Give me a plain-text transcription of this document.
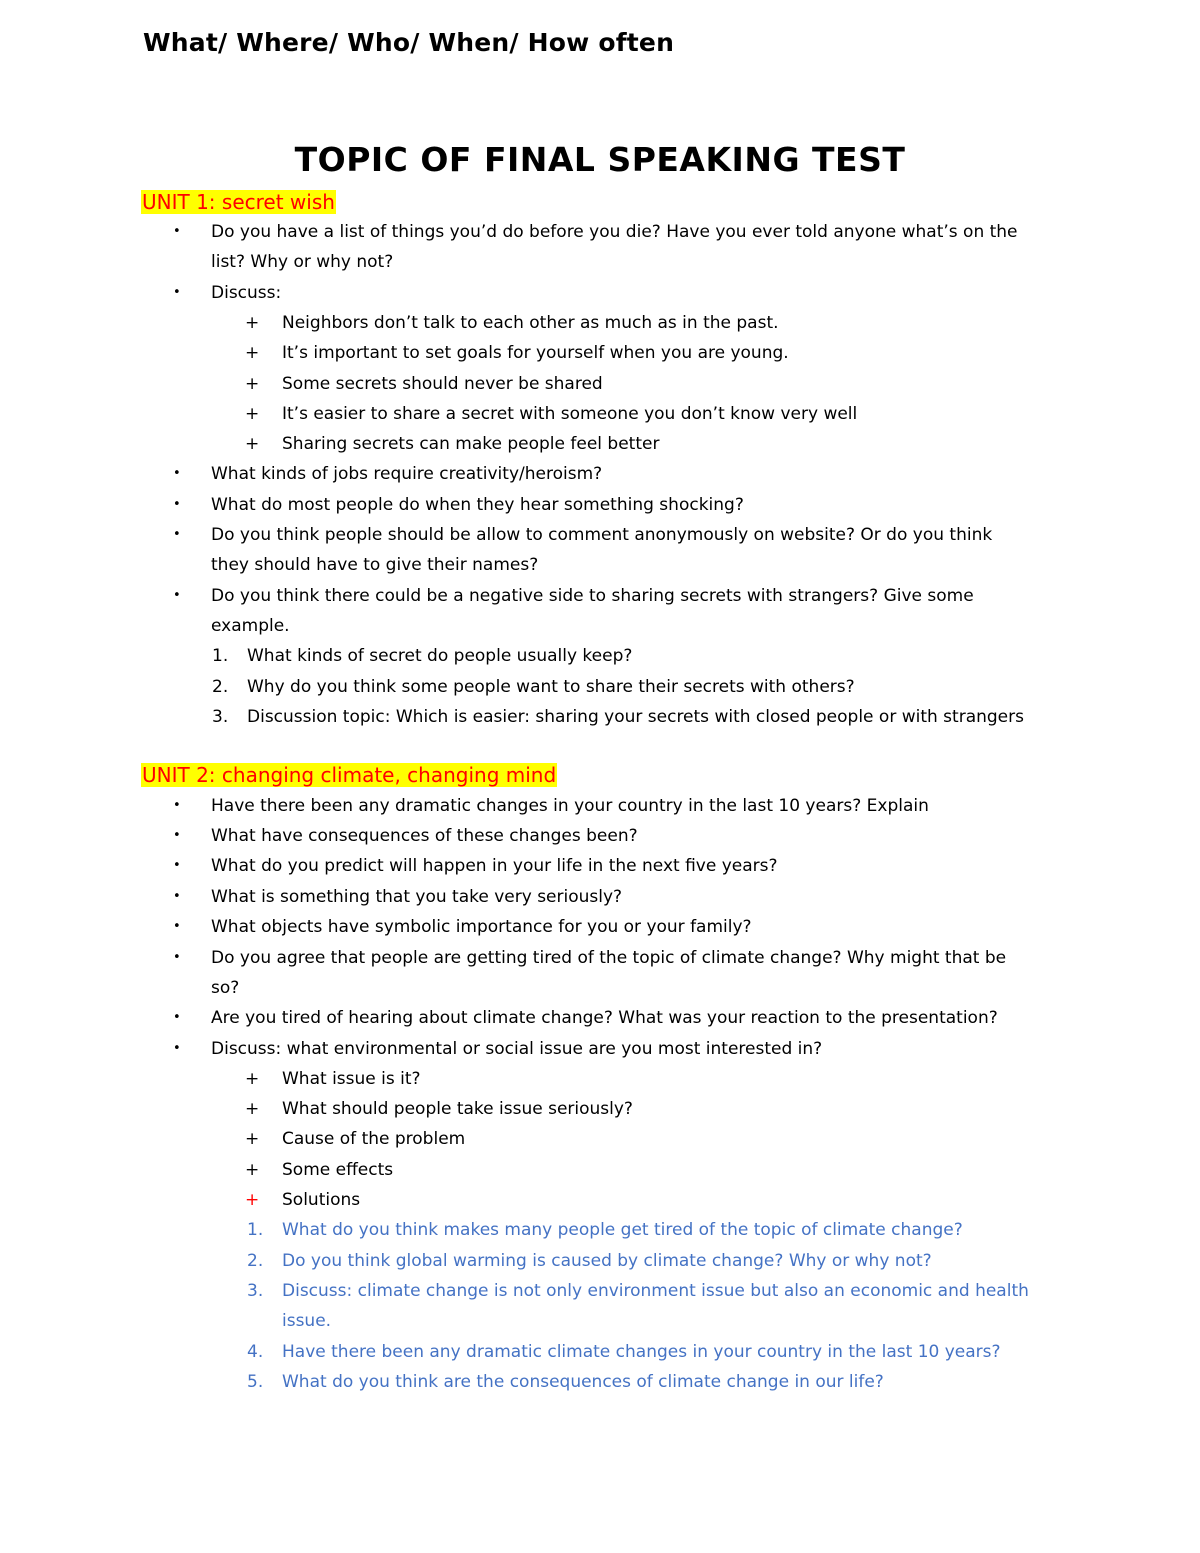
What/ Where/ Who/ When/ How often
TOPIC OF FINAL SPEAKING TEST
UNIT 1: secret wish
• Do you have a list of things you’d do before you die? Have you ever told anyone what’s on the
list? Why or why not?
• Discuss:
+ Neighbors don’t talk to each other as much as in the past.
+ It’s important to set goals for yourself when you are young.
+ Some secrets should never be shared
+ It’s easier to share a secret with someone you don’t know very well
+ Sharing secrets can make people feel better
• What kinds of jobs require creativity/heroism?
• What do most people do when they hear something shocking?
• Do you think people should be allow to comment anonymously on website? Or do you think
they should have to give their names?
• Do you think there could be a negative side to sharing secrets with strangers? Give some
example.
1. What kinds of secret do people usually keep?
2. Why do you think some people want to share their secrets with others?
3. Discussion topic: Which is easier: sharing your secrets with closed people or with strangers
UNIT 2: changing climate, changing mind
• Have there been any dramatic changes in your country in the last 10 years? Explain
• What have consequences of these changes been?
• What do you predict will happen in your life in the next five years?
• What is something that you take very seriously?
• What objects have symbolic importance for you or your family?
• Do you agree that people are getting tired of the topic of climate change? Why might that be
so?
• Are you tired of hearing about climate change? What was your reaction to the presentation?
• Discuss: what environmental or social issue are you most interested in?
+ What issue is it?
+ What should people take issue seriously?
+ Cause of the problem
+ Some effects
+ Solutions
1. What do you think makes many people get tired of the topic of climate change?
2. Do you think global warming is caused by climate change? Why or why not?
3. Discuss: climate change is not only environment issue but also an economic and health
issue.
4. Have there been any dramatic climate changes in your country in the last 10 years?
5. What do you think are the consequences of climate change in our life?
